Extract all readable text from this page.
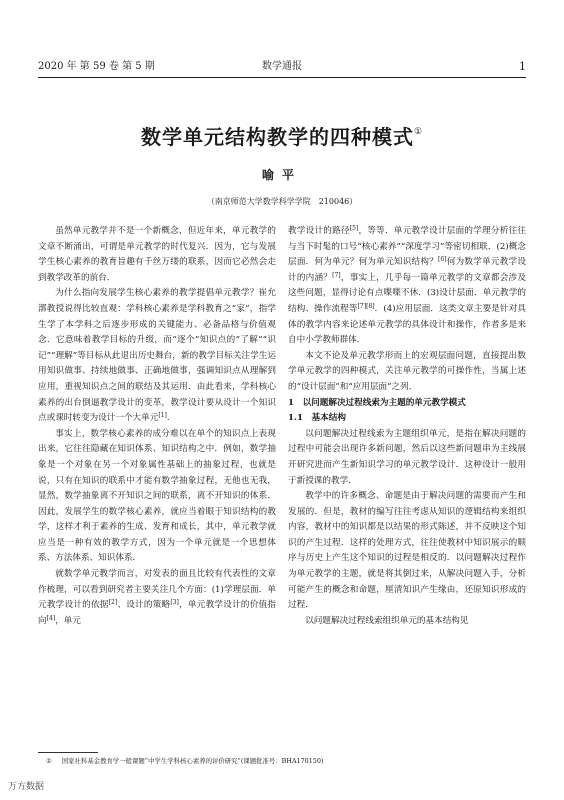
2020 年 第 59 卷 第 5 期	数学通报	1
数学单元结构教学的四种模式①
喻平
（南京师范大学数学科学学院　210046）

虽然单元教学并不是一个新概念，但近年来，单元教学的文章不断涌出，可谓是单元教学的时代复兴．因为，它与发展学生核心素养的教育旨趣有千丝万缕的联系，因而它必然会走到教学改革的前台．

为什么指向发展学生核心素养的教学提倡单元教学？崔允漷教授说得比较直观：学科核心素养是学科教育之“家”，指学生学了本学科之后逐步形成的关键能力、必备品格与价值观念．它意味着教学目标的升级，而“逐个”知识点的“了解”“识记”“理解”等目标从此退出历史舞台，新的教学目标关注学生运用知识做事、持续地做事、正确地做事，强调知识点从理解到应用，重视知识点之间的联结及其运用．由此看来，学科核心素养的出台倒逼教学设计的变革，教学设计要从设计一个知识点或课时转变为设计一个大单元[1].

事实上，数学核心素养的成分难以在单个的知识点上表现出来，它往往隐藏在知识体系、知识结构之中．例如，数学抽象是一个对象在另一个对象属性基础上的抽象过程，也就是说，只有在知识的联系中才能有数学抽象过程，无他也无我，显然，数学抽象离不开知识之间的联系，离不开知识的体系．因此，发展学生的数学核心素养，就应当着眼于知识结构的教学，这样才利于素养的生成、发育和成长，其中，单元教学就应当是一种有效的教学方式，因为一个单元就是一个思想体系、方法体系、知识体系．

就数学单元教学而言，对发表的面且比较有代表性的文章作梳理，可以看到研究者主要关注几个方面：(1)学理层面．单元教学设计的依据[2]、设计的策略[3]，单元教学设计的价值指向[4]，单元

教学设计的路径[5]，等等．单元教学设计层面的学理分析往往与当下时髦的口号“核心素养”“深度学习”等密切相联．(2)概念层面．何为单元？何为单元知识结构？[6]何为数学单元教学设计的内涵？[7]，事实上，几乎每一篇单元教学的文章都会涉及这些问题，显得讨论有点喋喋不休．(3)设计层面．单元教学的结构、操作流程等[7][8]．(4)应用层面．这类文章主要是针对具体的教学内容来论述单元教学的具体设计和操作，作者多是来自中小学教师群体．

本文不论及单元教学形而上的宏观层面问题，直接提出数学单元教学的四种模式，关注单元教学的可操作性，当属上述的“设计层面”和“应用层面”之列．

1　以问题解决过程线索为主题的单元教学模式
1.1　基本结构

以问题解决过程线索为主题组织单元，是指在解决问题的过程中可能会出现许多新问题，然后以这些新问题串为主线展开研究进而产生新知识学习的单元教学设计．这种设计一般用于新授课的教学．

教学中的许多概念、命题是由于解决问题的需要而产生和发展的．但是，教材的编写往往考虑从知识的逻辑结构来组织内容，教材中的知识都是以结果的形式陈述，并不反映这个知识的产生过程．这样的处理方式，往往使教材中知识展示的顺序与历史上产生这个知识的过程是相反的．以问题解决过程作为单元教学的主题，就是将其倒过来，从解决问题入手，分析可能产生的概念和命题，厘清知识产生缘由，还原知识形成的过程．

以问题解决过程线索组织单元的基本结构见

① 国家社科基金教育学一般课题“中学生学科核心素养的评价研究”(课题批准号：BHA170150)
万方数据
